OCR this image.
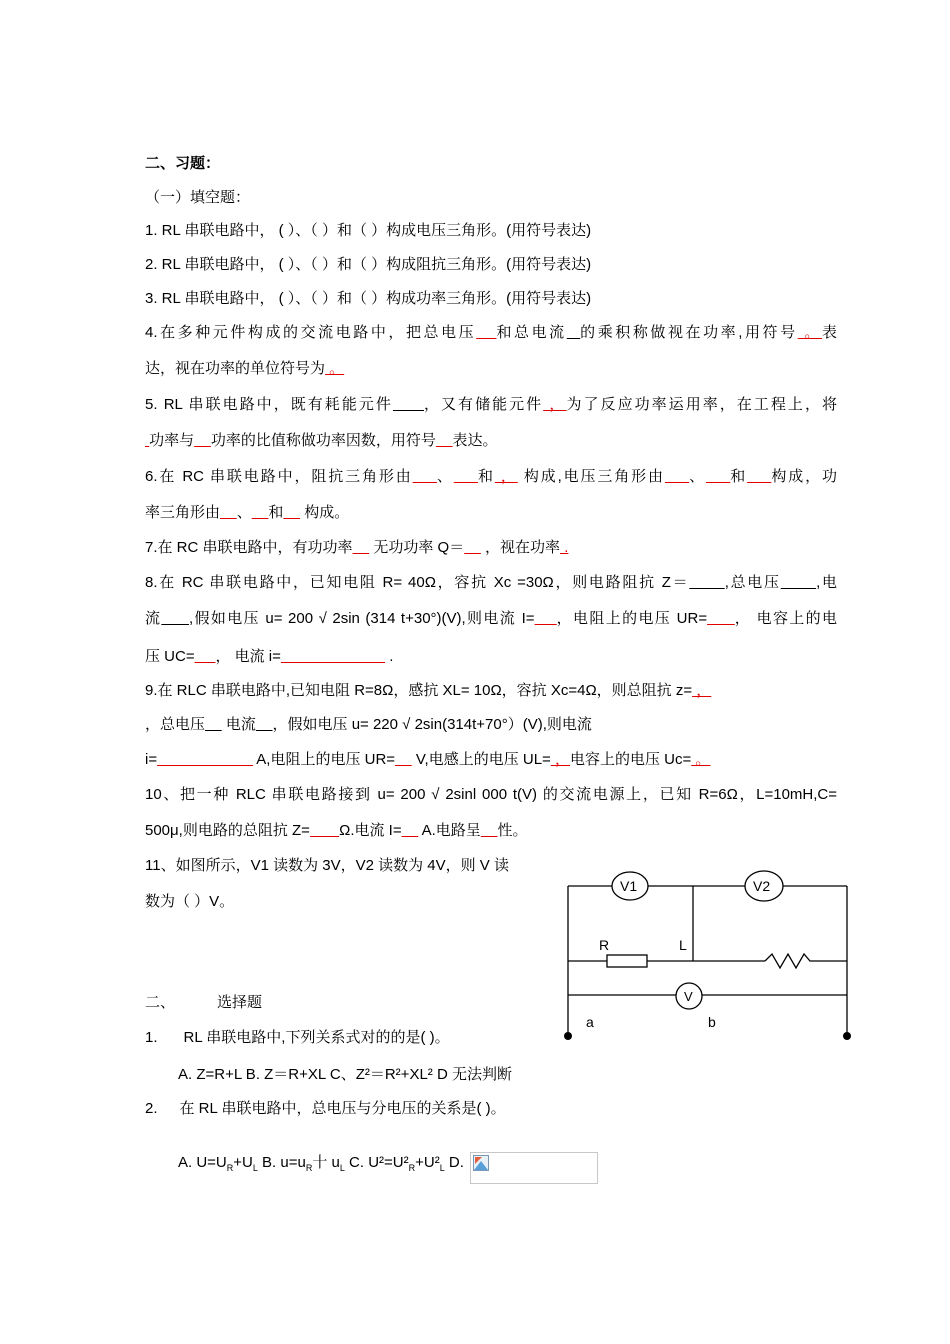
二、习题：
（一）填空题：
1. RL 串联电路中， ( ）、（ ）和（ ）构成电压三角形。(用符号表达)
2. RL 串联电路中， ( ）、（ ）和（ ）构成阻抗三角形。(用符号表达)
3. RL 串联电路中， ( ）、（ ）和（ ）构成功率三角形。(用符号表达)
4.在多种元件构成的交流电路中，把总电压 和总电流 的乘积称做视在功率,用符号 。表
达，视在功率的单位符号为 。
5. RL 串联电路中，既有耗能元件 ，又有储能元件 ，为了反应功率运用率，在工程上，将
功率与 功率的比值称做功率因数，用符号 表达。
6.在 RC 串联电路中，阻抗三角形由 、 和 ， 构成,电压三角形由 、 和 构成，功
率三角形由 、 和     构成。
7.在 RC 串联电路中，有功功率     无功功率 Q＝     ，视在功率 .
8.在 RC 串联电路中，已知电阻 R= 40Ω，容抗 Xc =30Ω，则电路阻抗 Z＝ ,总电压 ,电
流 ,假如电压 u= 200 √ 2sin (314 t+30°)(V),则电流 I= ，电阻上的电压 UR= ， 电容上的电
压 UC= ， 电流 i=	.
9.在 RLC 串联电路中,已知电阻 R=8Ω，感抗 XL= 10Ω，容抗 Xc=4Ω，则总阻抗 z= ，
，总电压     电流 ，假如电压 u= 220 √ 2sin(314t+70°）(V),则电流
i=	A,电阻上的电压 UR=     V,电感上的电压 UL= ，电容上的电压 Uc= 。
10、把一种 RLC 串联电路接到 u= 200 √ 2sinl 000 t(V) 的交流电源上，已知 R=6Ω，L=10mH,C=
500μ,则电路的总阻抗 Z= Ω.电流 I=     A.电路呈 性。
11、如图所示，V1 读数为 3V，V2 读数为 4V，则 V 读
数为（ ）V。
V1	V2
V
R	L
a	b
二、	选择题
1. RL 串联电路中,下列关系式对的的是( )。
A. Z=R+L B. Z＝R+XL C、Z²＝R²+XL² D 无法判断
2. 在 RL 串联电路中，总电压与分电压的关系是( )。
A. $U=U_R+U_L$ B. $u=u_R$十 $u_L$ C. $U^2=U^2_R+U^2_L$ D.
